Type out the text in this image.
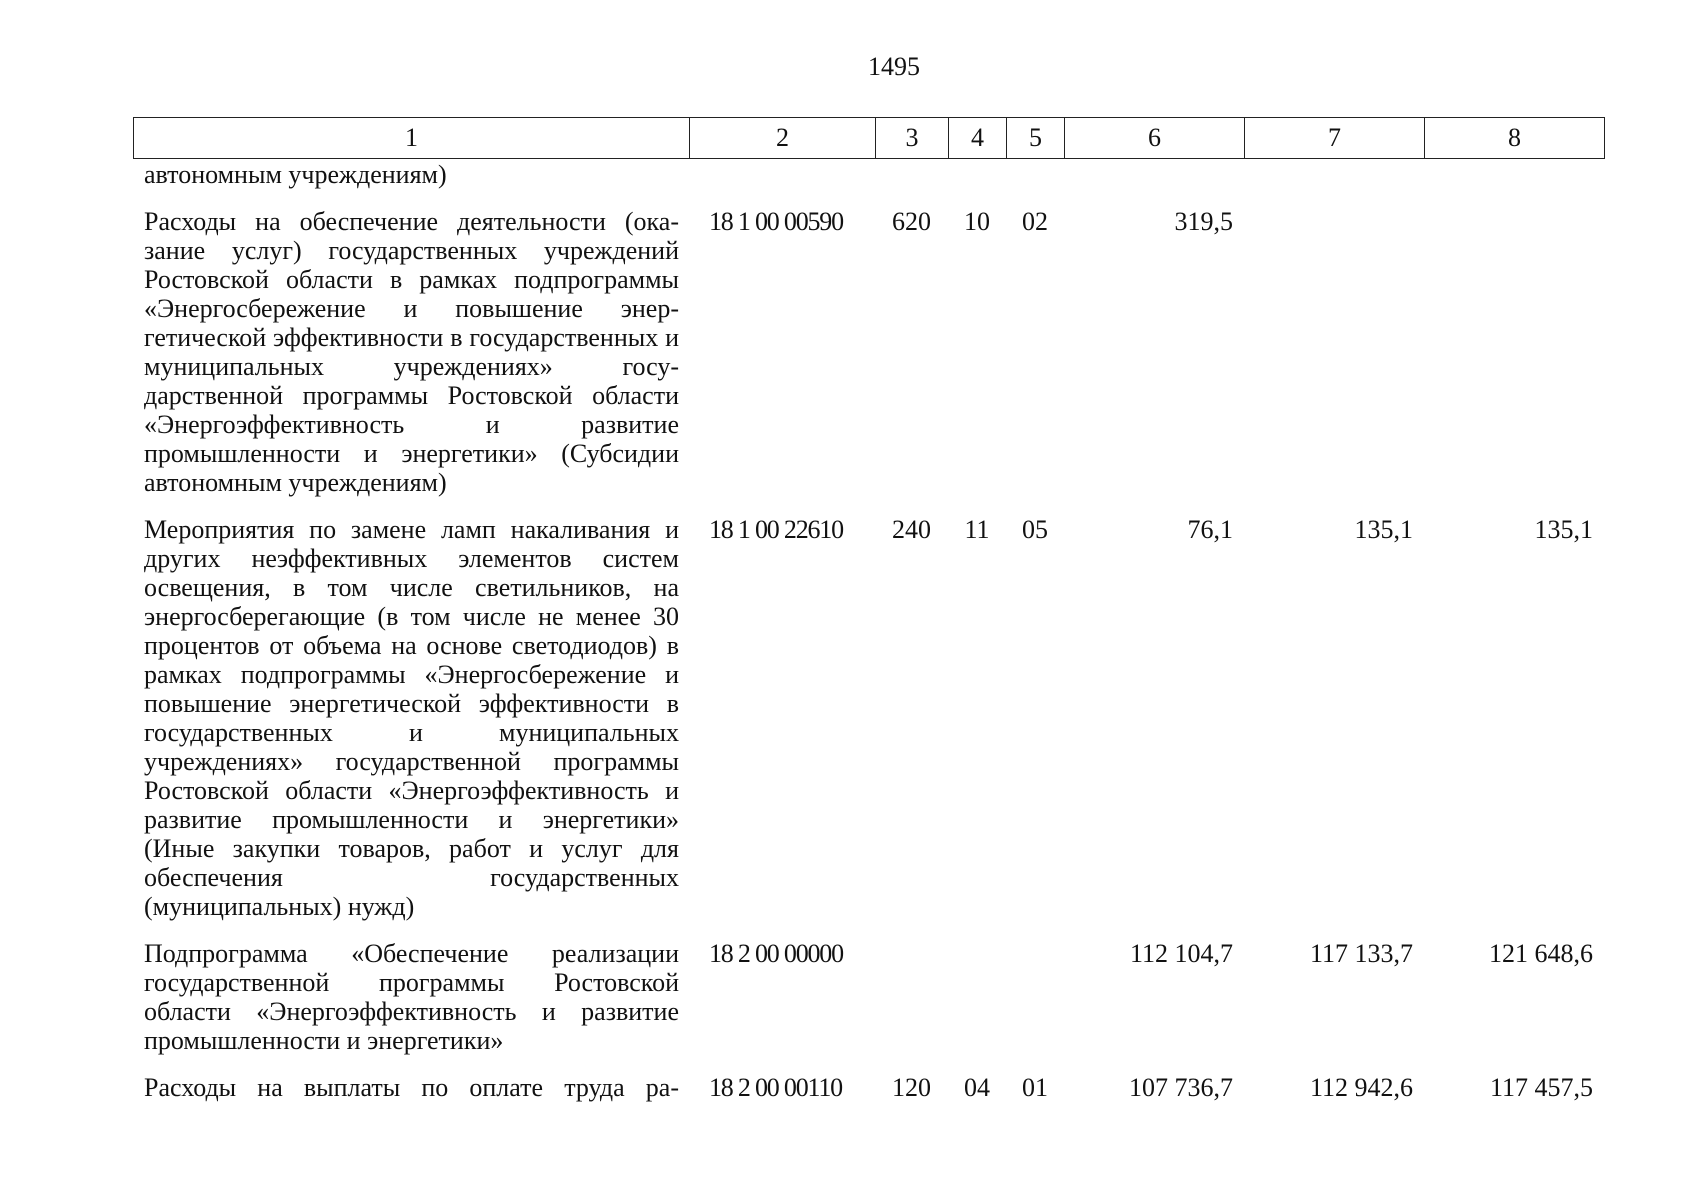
1495
1	2	3	4	5	6	7	8
автономным учреждениям)							
Расходы на обеспечение деятельности (оказание услуг) государственных учреждений Ростовской области в рамках подпрограммы «Энергосбережение и повышение энергетической эффективности в государственных и муниципальных учреждениях» государственной программы Ростовской области «Энергоэффективность и развитие промышленности и энергетики» (Субсидии автономным учреждениям)	18 1 00 00590	620	10	02	319,5		
Мероприятия по замене ламп накаливания и других неэффективных элементов систем освещения, в том числе светильников, на энергосберегающие (в том числе не менее 30 процентов от объема на основе светодиодов) в рамках подпрограммы «Энергосбережение и повышение энергетической эффективности в государственных и муниципальных учреждениях» государственной программы Ростовской области «Энергоэффективность и развитие промышленности и энергетики» (Иные закупки товаров, работ и услуг для обеспечения государственных (муниципальных) нужд)	18 1 00 22610	240	11	05	76,1	135,1	135,1
Подпрограмма «Обеспечение реализации государственной программы Ростовской области «Энергоэффективность и развитие промышленности и энергетики»	18 2 00 00000				112 104,7	117 133,7	121 648,6
Расходы на выплаты по оплате труда ра-	18 2 00 00110	120	04	01	107 736,7	112 942,6	117 457,5
